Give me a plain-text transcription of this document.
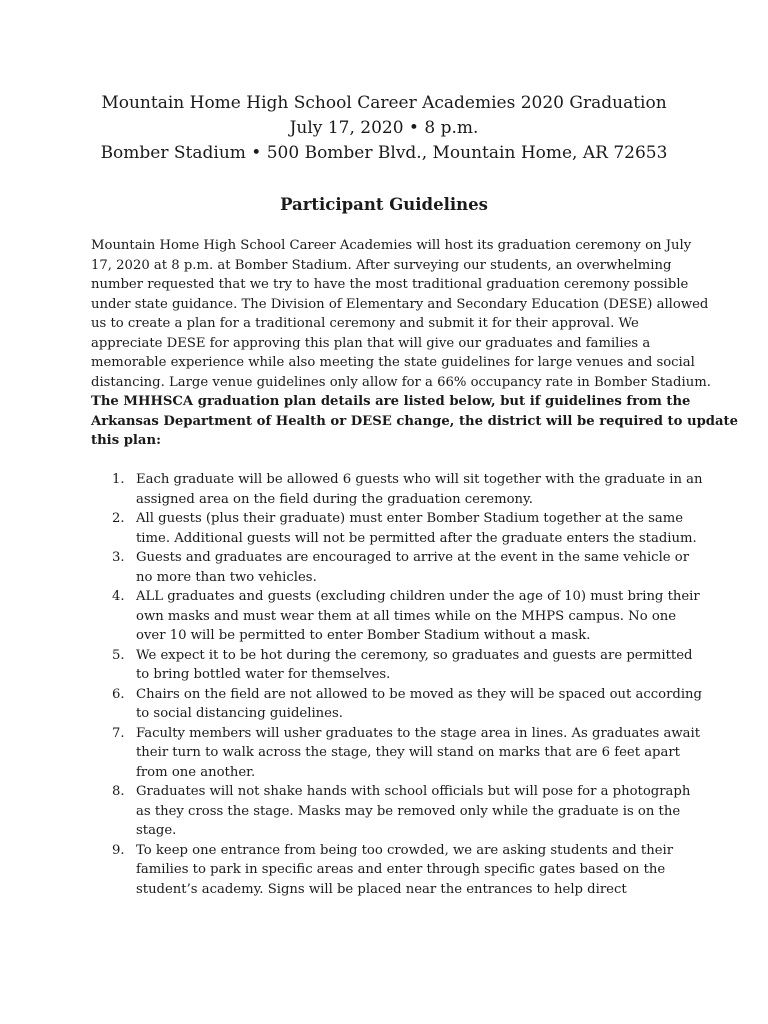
Mountain Home High School Career Academies 2020 Graduation
July 17, 2020 • 8 p.m.
Bomber Stadium • 500 Bomber Blvd., Mountain Home, AR 72653
Participant Guidelines
Mountain Home High School Career Academies will host its graduation ceremony on July
17, 2020 at 8 p.m. at Bomber Stadium. After surveying our students, an overwhelming
number requested that we try to have the most traditional graduation ceremony possible
under state guidance. The Division of Elementary and Secondary Education (DESE) allowed
us to create a plan for a traditional ceremony and submit it for their approval. We
appreciate DESE for approving this plan that will give our graduates and families a
memorable experience while also meeting the state guidelines for large venues and social
distancing. Large venue guidelines only allow for a 66% occupancy rate in Bomber Stadium.
The MHHSCA graduation plan details are listed below, but if guidelines from the
Arkansas Department of Health or DESE change, the district will be required to update
this plan:
1. Each graduate will be allowed 6 guests who will sit together with the graduate in an
assigned area on the field during the graduation ceremony.
2. All guests (plus their graduate) must enter Bomber Stadium together at the same
time. Additional guests will not be permitted after the graduate enters the stadium.
3. Guests and graduates are encouraged to arrive at the event in the same vehicle or
no more than two vehicles.
4. ALL graduates and guests (excluding children under the age of 10) must bring their
own masks and must wear them at all times while on the MHPS campus. No one
over 10 will be permitted to enter Bomber Stadium without a mask.
5. We expect it to be hot during the ceremony, so graduates and guests are permitted
to bring bottled water for themselves.
6. Chairs on the field are not allowed to be moved as they will be spaced out according
to social distancing guidelines.
7. Faculty members will usher graduates to the stage area in lines. As graduates await
their turn to walk across the stage, they will stand on marks that are 6 feet apart
from one another.
8. Graduates will not shake hands with school officials but will pose for a photograph
as they cross the stage. Masks may be removed only while the graduate is on the
stage.
9. To keep one entrance from being too crowded, we are asking students and their
families to park in specific areas and enter through specific gates based on the
student’s academy. Signs will be placed near the entrances to help direct
